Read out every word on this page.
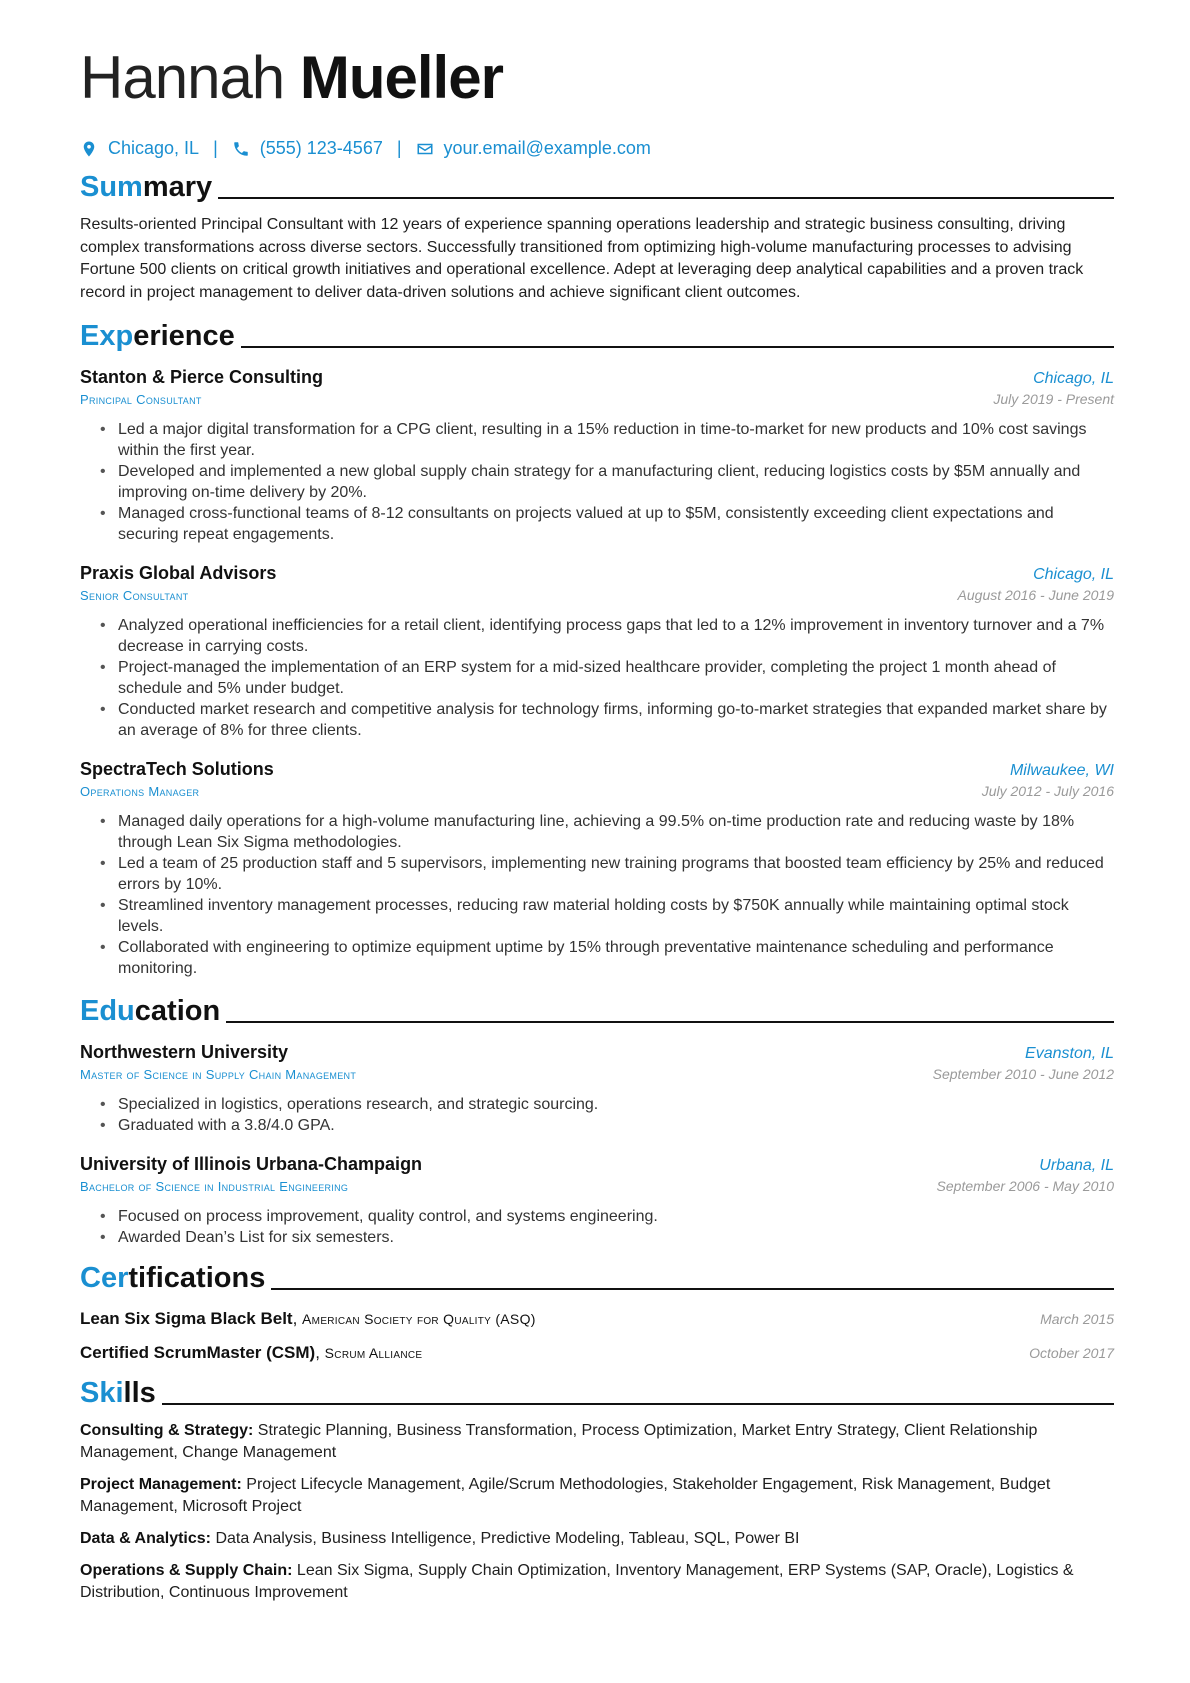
Hannah Mueller
Chicago, IL | (555) 123-4567 | your.email@example.com
Summary
Results-oriented Principal Consultant with 12 years of experience spanning operations leadership and strategic business consulting, driving complex transformations across diverse sectors. Successfully transitioned from optimizing high-volume manufacturing processes to advising Fortune 500 clients on critical growth initiatives and operational excellence. Adept at leveraging deep analytical capabilities and a proven track record in project management to deliver data-driven solutions and achieve significant client outcomes.
Experience
Stanton & Pierce Consulting	Chicago, IL
Principal Consultant	July 2019 - Present
• Led a major digital transformation for a CPG client, resulting in a 15% reduction in time-to-market for new products and 10% cost savings within the first year.
• Developed and implemented a new global supply chain strategy for a manufacturing client, reducing logistics costs by $5M annually and improving on-time delivery by 20%.
• Managed cross-functional teams of 8-12 consultants on projects valued at up to $5M, consistently exceeding client expectations and securing repeat engagements.
Praxis Global Advisors	Chicago, IL
Senior Consultant	August 2016 - June 2019
• Analyzed operational inefficiencies for a retail client, identifying process gaps that led to a 12% improvement in inventory turnover and a 7% decrease in carrying costs.
• Project-managed the implementation of an ERP system for a mid-sized healthcare provider, completing the project 1 month ahead of schedule and 5% under budget.
• Conducted market research and competitive analysis for technology firms, informing go-to-market strategies that expanded market share by an average of 8% for three clients.
SpectraTech Solutions	Milwaukee, WI
Operations Manager	July 2012 - July 2016
• Managed daily operations for a high-volume manufacturing line, achieving a 99.5% on-time production rate and reducing waste by 18% through Lean Six Sigma methodologies.
• Led a team of 25 production staff and 5 supervisors, implementing new training programs that boosted team efficiency by 25% and reduced errors by 10%.
• Streamlined inventory management processes, reducing raw material holding costs by $750K annually while maintaining optimal stock levels.
• Collaborated with engineering to optimize equipment uptime by 15% through preventative maintenance scheduling and performance monitoring.
Education
Northwestern University	Evanston, IL
Master of Science in Supply Chain Management	September 2010 - June 2012
• Specialized in logistics, operations research, and strategic sourcing.
• Graduated with a 3.8/4.0 GPA.
University of Illinois Urbana-Champaign	Urbana, IL
Bachelor of Science in Industrial Engineering	September 2006 - May 2010
• Focused on process improvement, quality control, and systems engineering.
• Awarded Dean’s List for six semesters.
Certifications
Lean Six Sigma Black Belt, American Society for Quality (ASQ)	March 2015
Certified ScrumMaster (CSM), Scrum Alliance	October 2017
Skills
Consulting & Strategy: Strategic Planning, Business Transformation, Process Optimization, Market Entry Strategy, Client Relationship Management, Change Management
Project Management: Project Lifecycle Management, Agile/Scrum Methodologies, Stakeholder Engagement, Risk Management, Budget Management, Microsoft Project
Data & Analytics: Data Analysis, Business Intelligence, Predictive Modeling, Tableau, SQL, Power BI
Operations & Supply Chain: Lean Six Sigma, Supply Chain Optimization, Inventory Management, ERP Systems (SAP, Oracle), Logistics & Distribution, Continuous Improvement
